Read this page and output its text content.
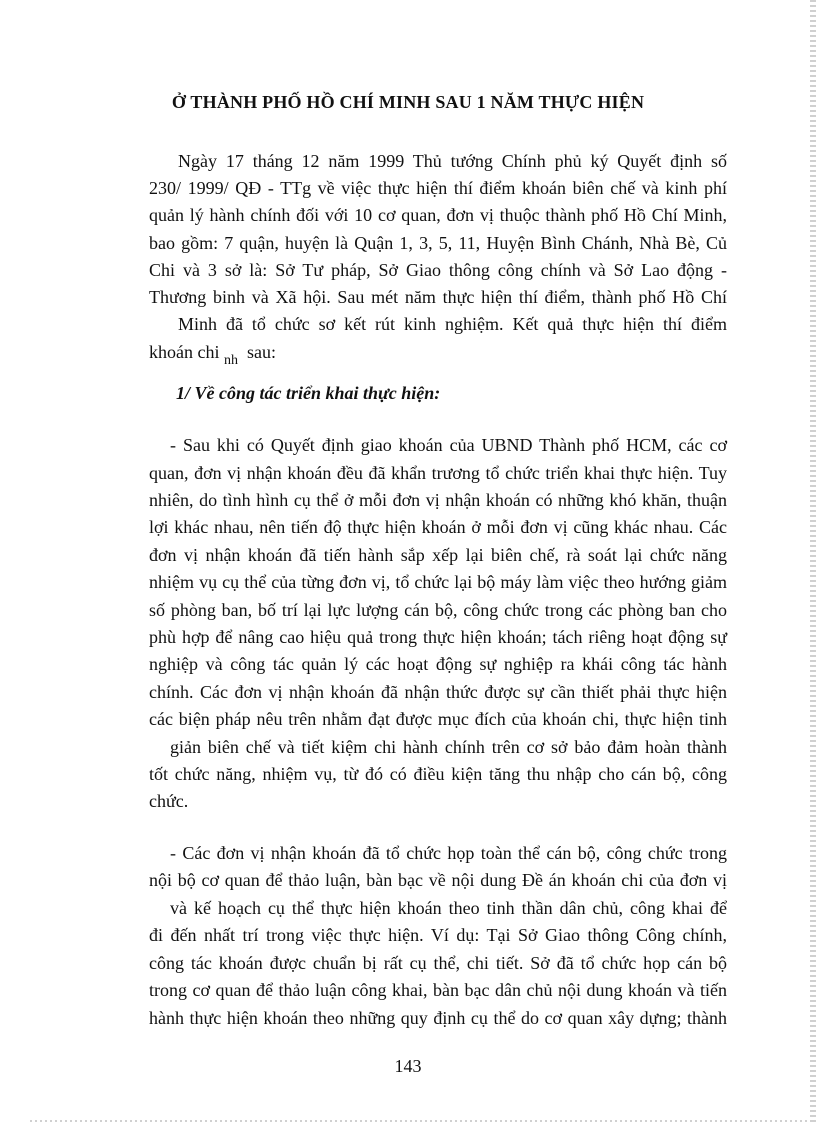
Ở THÀNH PHỐ HỒ CHÍ MINH SAU 1 NĂM THỰC HIỆN
Ngày 17 tháng 12 năm 1999 Thủ tướng Chính phủ ký Quyết định số
230/ 1999/ QĐ - TTg về việc thực hiện thí điểm khoán biên chế và kinh phí
quản lý hành chính đối với 10 cơ quan, đơn vị thuộc thành phố Hồ Chí Minh,
bao gồm: 7 quận, huyện là Quận 1, 3, 5, 11, Huyện Bình Chánh, Nhà Bè, Củ
Chi và 3 sở là: Sở Tư pháp, Sở Giao thông công chính và Sở Lao động -
Thương binh và Xã hội. Sau mét năm thực hiện thí điểm, thành phố Hồ Chí
Minh đã tổ chức sơ kết rút kinh nghiệm. Kết quả thực hiện thí điểm
khoán chi $_{nh}$ sau:
1/ Về công tác triển khai thực hiện:
- Sau khi có Quyết định giao khoán của UBND Thành phố HCM, các cơ
quan, đơn vị nhận khoán đều đã khẩn trương tổ chức triển khai thực hiện. Tuy
nhiên, do tình hình cụ thể ở mỗi đơn vị nhận khoán có những khó khăn, thuận
lợi khác nhau, nên tiến độ thực hiện khoán ở mỗi đơn vị cũng khác nhau. Các
đơn vị nhận khoán đã tiến hành sắp xếp lại biên chế, rà soát lại chức năng
nhiệm vụ cụ thể của từng đơn vị, tổ chức lại bộ máy làm việc theo hướng giảm
số phòng ban, bố trí lại lực lượng cán bộ, công chức trong các phòng ban cho
phù hợp để nâng cao hiệu quả trong thực hiện khoán; tách riêng hoạt động sự
nghiệp và công tác quản lý các hoạt động sự nghiệp ra khái công tác hành
chính. Các đơn vị nhận khoán đã nhận thức được sự cần thiết phải thực hiện
các biện pháp nêu trên nhằm đạt được mục đích của khoán chi, thực hiện tinh
giản biên chế và tiết kiệm chi hành chính trên cơ sở bảo đảm hoàn thành
tốt chức năng, nhiệm vụ, từ đó có điều kiện tăng thu nhập cho cán bộ, công
chức.
- Các đơn vị nhận khoán đã tổ chức họp toàn thể cán bộ, công chức trong
nội bộ cơ quan để thảo luận, bàn bạc về nội dung Đề án khoán chi của đơn vị
và kế hoạch cụ thể thực hiện khoán theo tinh thần dân chủ, công khai để
đi đến nhất trí trong việc thực hiện. Ví dụ: Tại Sở Giao thông Công chính,
công tác khoán được chuẩn bị rất cụ thể, chi tiết. Sở đã tổ chức họp cán bộ
trong cơ quan để thảo luận công khai, bàn bạc dân chủ nội dung khoán và tiến
hành thực hiện khoán theo những quy định cụ thể do cơ quan xây dựng; thành
143
